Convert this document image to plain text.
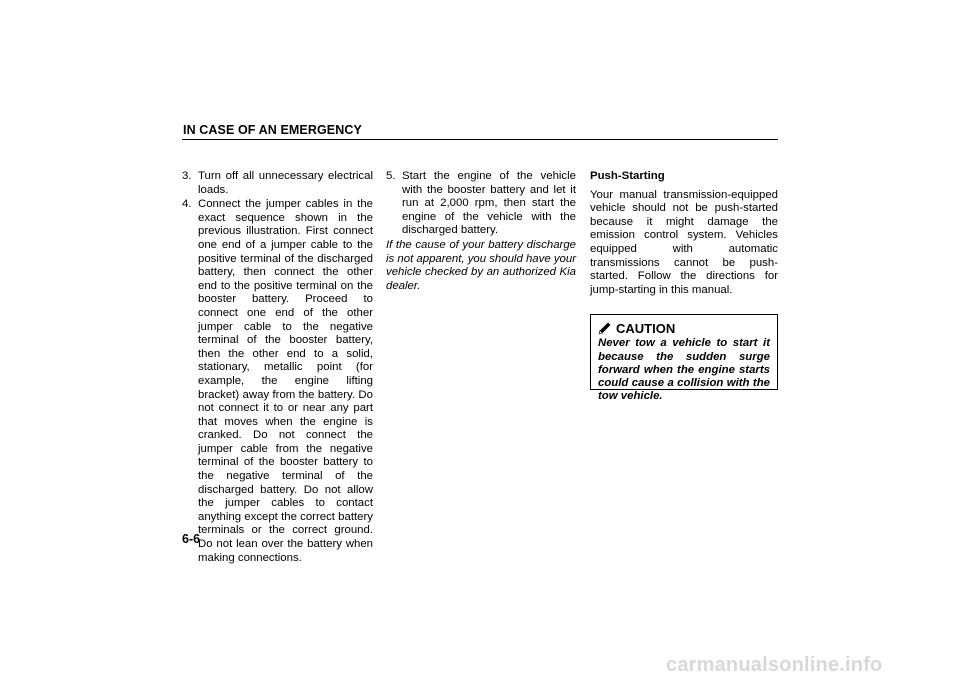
IN CASE OF AN EMERGENCY
3. Turn off all unnecessary electrical loads.
4. Connect the jumper cables in the exact sequence shown in the previous illustration. First connect one end of a jumper cable to the positive terminal of the discharged battery, then connect the other end to the positive terminal on the booster battery. Proceed to connect one end of the other jumper cable to the negative terminal of the booster battery, then the other end to a solid, stationary, metallic point (for example, the engine lifting bracket) away from the battery. Do not connect it to or near any part that moves when the engine is cranked. Do not connect the jumper cable from the negative terminal of the booster battery to the negative terminal of the discharged battery. Do not allow the jumper cables to contact anything except the correct battery terminals or the correct ground. Do not lean over the battery when making connections.
5. Start the engine of the vehicle with the booster battery and let it run at 2,000 rpm, then start the engine of the vehicle with the discharged battery.
If the cause of your battery discharge is not apparent, you should have your vehicle checked by an authorized Kia dealer.
Push-Starting
Your manual transmission-equipped vehicle should not be push-started because it might damage the emission control system. Vehicles equipped with automatic transmissions cannot be push-started. Follow the directions for jump-starting in this manual.
CAUTION
Never tow a vehicle to start it because the sudden surge forward when the engine starts could cause a collision with the tow vehicle.
6-6
carmanualsonline.info
